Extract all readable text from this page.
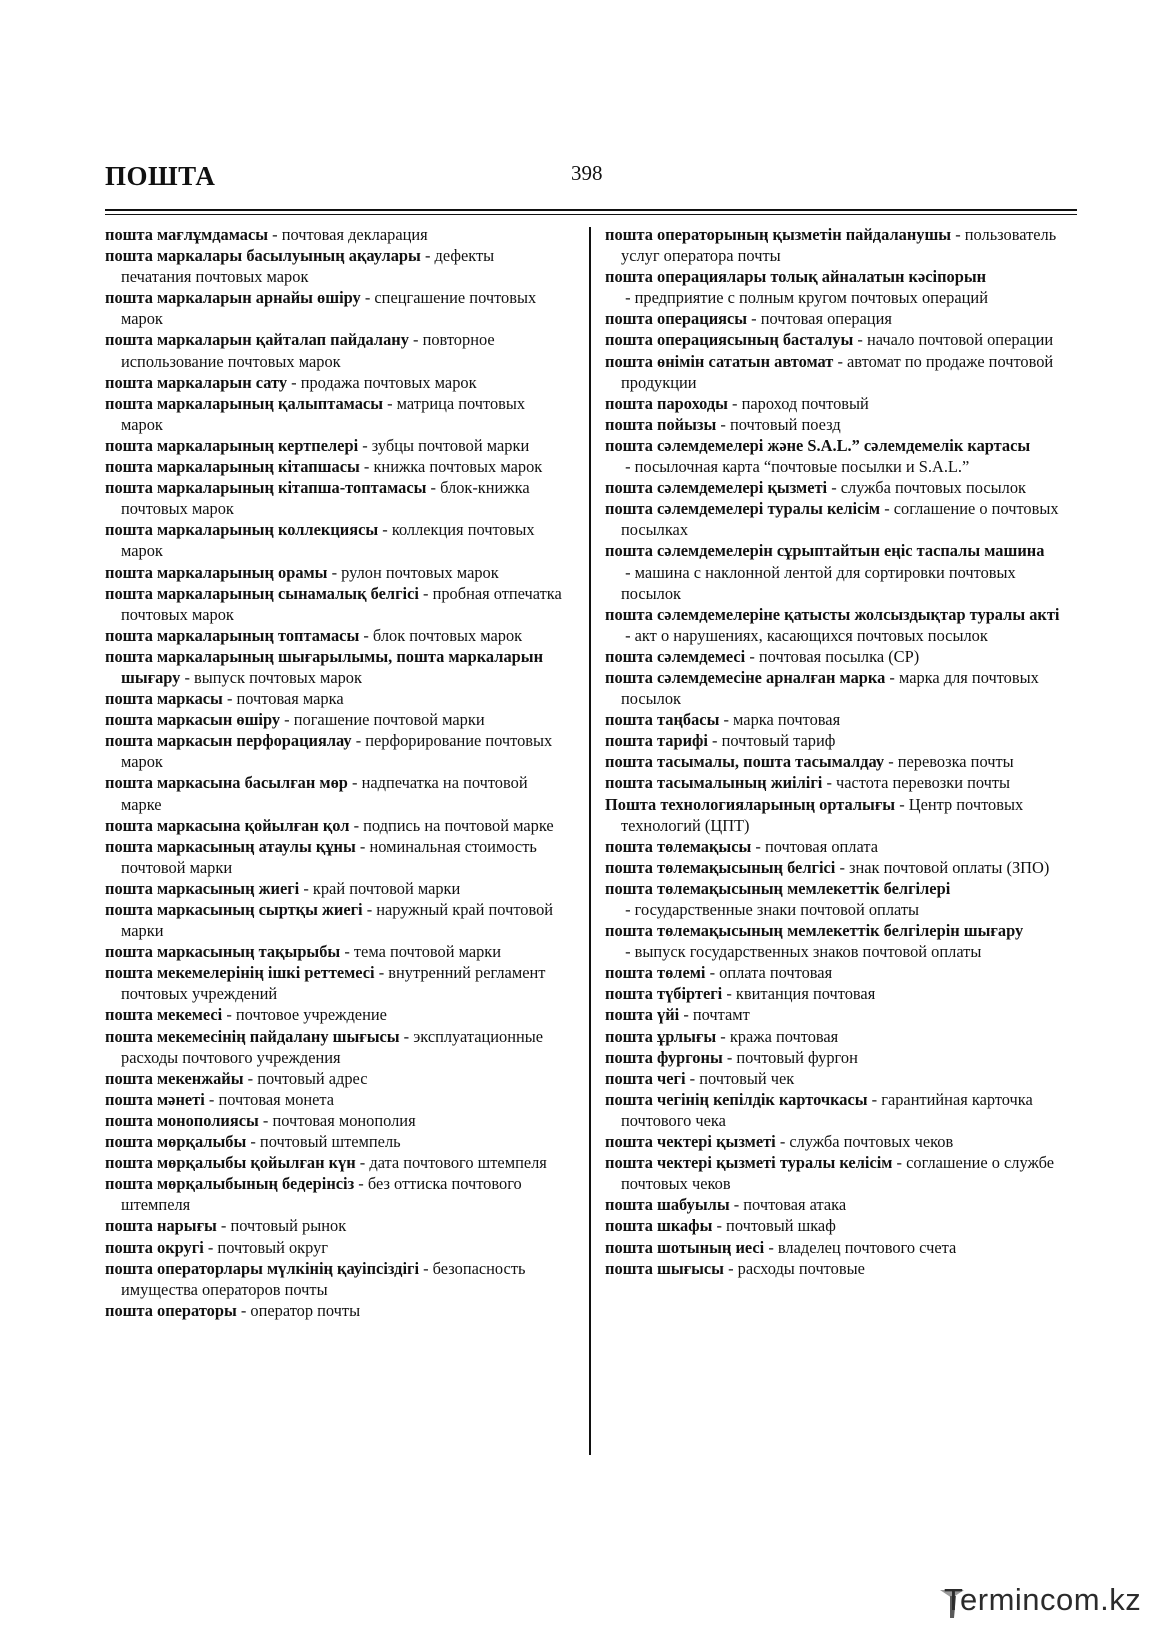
ПОШТА	398

пошта мағлұмдамасы - почтовая декларация

пошта маркалары басылуының ақаулары - дефекты печатания почтовых марок

пошта маркаларын арнайы өшіру - спецгашение почтовых марок

пошта маркаларын қайталап пайдалану - повторное использование почтовых марок

пошта маркаларын сату - продажа почтовых марок

пошта маркаларының қалыптамасы - матрица почтовых марок

пошта маркаларының кертпелері - зубцы почтовой марки

пошта маркаларының кітапшасы - книжка почтовых марок

пошта маркаларының кітапша-топтамасы - блок-книжка почтовых марок

пошта маркаларының коллекциясы - коллекция почтовых марок

пошта маркаларының орамы - рулон почтовых марок

пошта маркаларының сынамалық белгісі - пробная отпечатка почтовых марок

пошта маркаларының топтамасы - блок почтовых марок

пошта маркаларының шығарылымы, пошта маркаларын шығару - выпуск почтовых марок

пошта маркасы - почтовая марка

пошта маркасын өшіру - погашение почтовой марки

пошта маркасын перфорациялау - перфорирование почтовых марок

пошта маркасына басылған мөр - надпечатка на почтовой марке

пошта маркасына қойылған қол - подпись на почтовой марке

пошта маркасының атаулы құны - номинальная стоимость почтовой марки

пошта маркасының жиегі - край почтовой марки

пошта маркасының сыртқы жиегі - наружный край почтовой марки

пошта маркасының тақырыбы - тема почтовой марки

пошта мекемелерінің ішкі реттемесі - внутренний регламент почтовых учреждений

пошта мекемесі - почтовое учреждение

пошта мекемесінің пайдалану шығысы - эксплуатационные расходы почтового учреждения

пошта мекенжайы - почтовый адрес

пошта мәнеті - почтовая монета

пошта монополиясы - почтовая монополия

пошта мөрқалыбы - почтовый штемпель

пошта мөрқалыбы қойылған күн - дата почтового штемпеля

пошта мөрқалыбының бедерінсіз - без оттиска почтового штемпеля

пошта нарығы - почтовый рынок

пошта округі - почтовый округ

пошта операторлары мүлкінің қауіпсіздігі - безопасность имущества операторов почты

пошта операторы - оператор почты

пошта операторының қызметін пайдаланушы - пользователь услуг оператора почты

пошта операциялары толық айналатын кәсіпорын - предприятие с полным кругом почтовых операций

пошта операциясы - почтовая операция

пошта операциясының басталуы - начало почтовой операции

пошта өнімін сататын автомат - автомат по продаже почтовой продукции

пошта пароходы - пароход почтовый

пошта пойызы - почтовый поезд

пошта сәлемдемелері және S.A.L.” сәлемдемелік картасы - посылочная карта “почтовые посылки и S.A.L.”

пошта сәлемдемелері қызметі - служба почтовых посылок

пошта сәлемдемелері туралы келісім - соглашение о почтовых посылках

пошта сәлемдемелерін сұрыптайтын еңіс таспалы машина - машина с наклонной лентой для сортировки почтовых посылок

пошта сәлемдемелеріне қатысты жолсыздықтар туралы акті - акт о нарушениях, касающихся почтовых посылок

пошта сәлемдемесі - почтовая посылка (СР)

пошта сәлемдемесіне арналған марка - марка для почтовых посылок

пошта таңбасы - марка почтовая

пошта тарифі - почтовый тариф

пошта тасымалы, пошта тасымалдау - перевозка почты

пошта тасымалының жиілігі - частота перевозки почты

Пошта технологияларының орталығы - Центр почтовых технологий (ЦПТ)

пошта төлемақысы - почтовая оплата

пошта төлемақысының белгісі - знак почтовой оплаты (ЗПО)

пошта төлемақысының мемлекеттік белгілері - государственные знаки почтовой оплаты

пошта төлемақысының мемлекеттік белгілерін шығару - выпуск государственных знаков почтовой оплаты

пошта төлемі - оплата почтовая

пошта түбіртегі - квитанция почтовая

пошта үйі - почтамт

пошта ұрлығы - кража почтовая

пошта фургоны - почтовый фургон

пошта чегі - почтовый чек

пошта чегінің кепілдік карточкасы - гарантийная карточка почтового чека

пошта чектері қызметі - служба почтовых чеков

пошта чектері қызметі туралы келісім - соглашение о службе почтовых чеков

пошта шабуылы - почтовая атака

пошта шкафы - почтовый шкаф

пошта шотының иесі - владелец почтового счета

пошта шығысы - расходы почтовые

Termincom.kz
